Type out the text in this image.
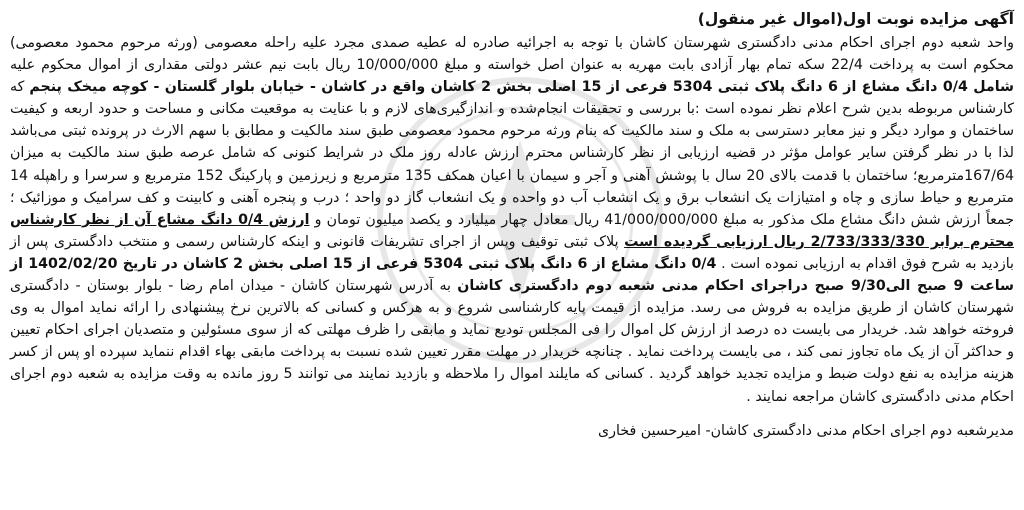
آگهی مزایده نوبت اول(اموال غیر منقول)

واحد شعبه دوم اجرای احکام مدنی دادگستری شهرستان کاشان با توجه به اجرائیه صادره له عطیه صمدی مجرد علیه راحله معصومی (ورثه مرحوم محمود معصومی) محکوم است به پرداخت 22/4 سکه تمام بهار آزادی بابت مهریه به عنوان اصل خواسته و مبلغ 10/000/000 ریال بابت نیم عشر دولتی مقداری از اموال محکوم علیه شامل 0/4 دانگ مشاع از 6 دانگ پلاک ثبتی 5304 فرعی از 15 اصلی بخش 2 کاشان واقع در کاشان - خیابان بلوار گلستان - کوچه میخک پنجم که کارشناس مربوطه بدین شرح اعلام نظر نموده است :با بررسی و تحقیقات انجام‌شده و اندازگیری‌های لازم و با عنایت به موقعیت مکانی و مساحت و حدود اربعه و کیفیت ساختمان و موارد دیگر و نیز معابر دسترسی به ملک و سند مالکیت که بنام ورثه مرحوم محمود معصومی طبق سند مالکیت و مطابق با سهم الارث در پرونده ثبتی می‌باشد لذا با در نظر گرفتن سایر عوامل مؤثر در قضیه ارزیابی از نظر کارشناس محترم ارزش عادله روز ملک در شرایط کنونی که شامل عرصه طبق سند مالکیت به میزان 167/64مترمربع؛ ساختمان با قدمت بالای 20 سال با پوشش آهنی و آجر و سیمان با اعیان همکف 135 مترمربع و زیرزمین و پارکینگ 152 مترمربع و سرسرا و راهپله 14 مترمربع و حیاط سازی و چاه و امتیازات یک انشعاب برق و یک انشعاب آب دو واحده و یک انشعاب گاز دو واحد ؛ درب و پنجره آهنی و کابینت و کف سرامیک و موزائیک ؛ جمعاً ارزش شش دانگ مشاع ملک مذکور به مبلغ 41/000/000/000 ریال معادل چهار میلیارد و یکصد میلیون تومان و ارزش 0/4 دانگ مشاع آن از نظر کارشناس محترم برابر 2/733/333/330 ریال ارزیابی گردیده است پلاک ثبتی توقیف وپس از اجرای تشریفات قانونی و اینکه کارشناس رسمی و منتخب دادگستری پس از بازدید به شرح فوق اقدام به ارزیابی نموده است . 0/4 دانگ مشاع از 6 دانگ پلاک ثبتی 5304 فرعی از 15 اصلی بخش 2 کاشان در تاریخ 1402/02/20 از ساعت 9 صبح الی9/30 صبح دراجرای احکام مدنی شعبه دوم دادگستری کاشان به آدرس شهرستان کاشان - میدان امام رضا - بلوار بوستان - دادگستری شهرستان کاشان از طریق مزایده به فروش می رسد. مزایده از قیمت پایه کارشناسی شروع و به هرکس و کسانی که بالاترین نرخ پیشنهادی را ارائه نماید اموال به وی فروخته خواهد شد. خریدار می بایست ده درصد از ارزش کل اموال را فی المجلس تودیع نماید و مابقی را ظرف مهلتی که از سوی مسئولین و متصدیان اجرای احکام تعیین و حداکثر آن از یک ماه تجاوز نمی کند ، می بایست پرداخت نماید . چنانچه خریدار در مهلت مقرر تعیین شده نسبت به پرداخت مابقی بهاء اقدام ننماید سپرده او پس از کسر هزینه مزایده به نفع دولت ضبط و مزایده تجدید خواهد گردید . کسانی که مایلند اموال را ملاحظه و بازدید نمایند می توانند 5 روز مانده به وقت مزایده به شعبه دوم اجرای احکام مدنی دادگستری کاشان مراجعه نمایند .

مدیرشعبه دوم اجرای احکام مدنی دادگستری کاشان- امیرحسین فخاری
